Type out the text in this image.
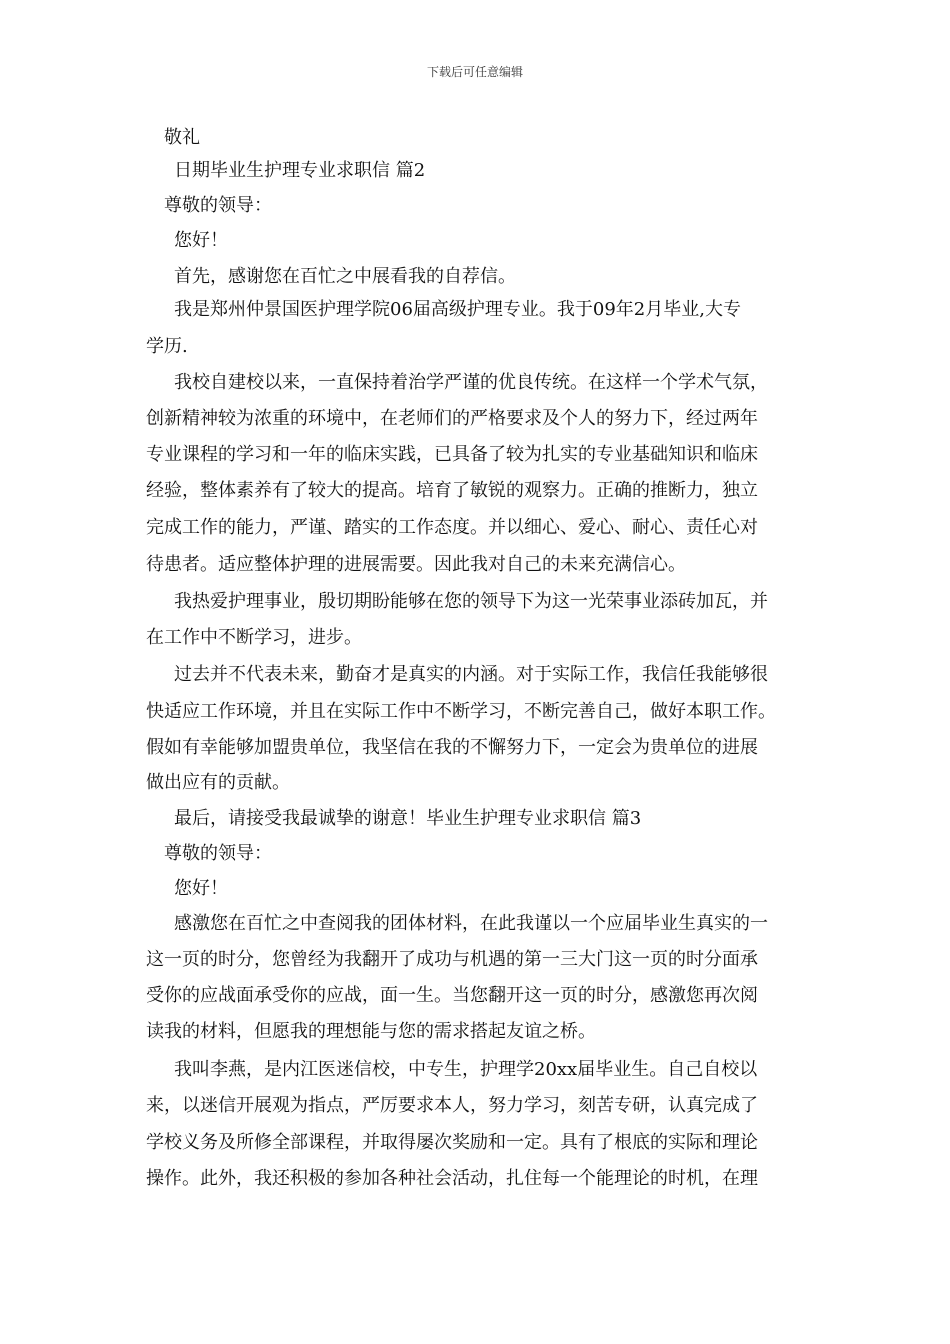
下载后可任意编辑
敬礼
日期毕业生护理专业求职信 篇2
尊敬的领导：
您好！
首先，感谢您在百忙之中展看我的自荐信。
我是郑州仲景国医护理学院06届高级护理专业。我于09年2月毕业,大专
学历.
我校自建校以来，一直保持着治学严谨的优良传统。在这样一个学术气氛，
创新精神较为浓重的环境中，在老师们的严格要求及个人的努力下，经过两年
专业课程的学习和一年的临床实践，已具备了较为扎实的专业基础知识和临床
经验，整体素养有了较大的提高。培育了敏锐的观察力。正确的推断力，独立
完成工作的能力，严谨、踏实的工作态度。并以细心、爱心、耐心、责任心对
待患者。适应整体护理的进展需要。因此我对自己的未来充满信心。
我热爱护理事业，殷切期盼能够在您的领导下为这一光荣事业添砖加瓦，并
在工作中不断学习，进步。
过去并不代表未来，勤奋才是真实的内涵。对于实际工作，我信任我能够很
快适应工作环境，并且在实际工作中不断学习，不断完善自己，做好本职工作。
假如有幸能够加盟贵单位，我坚信在我的不懈努力下，一定会为贵单位的进展
做出应有的贡献。
最后，请接受我最诚挚的谢意！毕业生护理专业求职信 篇3
尊敬的领导：
您好！
感激您在百忙之中查阅我的团体材料，在此我谨以一个应届毕业生真实的一
这一页的时分，您曾经为我翻开了成功与机遇的第一三大门这一页的时分面承
受你的应战面承受你的应战，面一生。当您翻开这一页的时分，感激您再次阅
读我的材料，但愿我的理想能与您的需求搭起友谊之桥。
我叫李燕，是内江医迷信校，中专生，护理学20xx届毕业生。自己自校以
来，以迷信开展观为指点，严厉要求本人，努力学习，刻苦专研，认真完成了
学校义务及所修全部课程，并取得屡次奖励和一定。具有了根底的实际和理论
操作。此外，我还积极的参加各种社会活动，扎住每一个能理论的时机，在理
